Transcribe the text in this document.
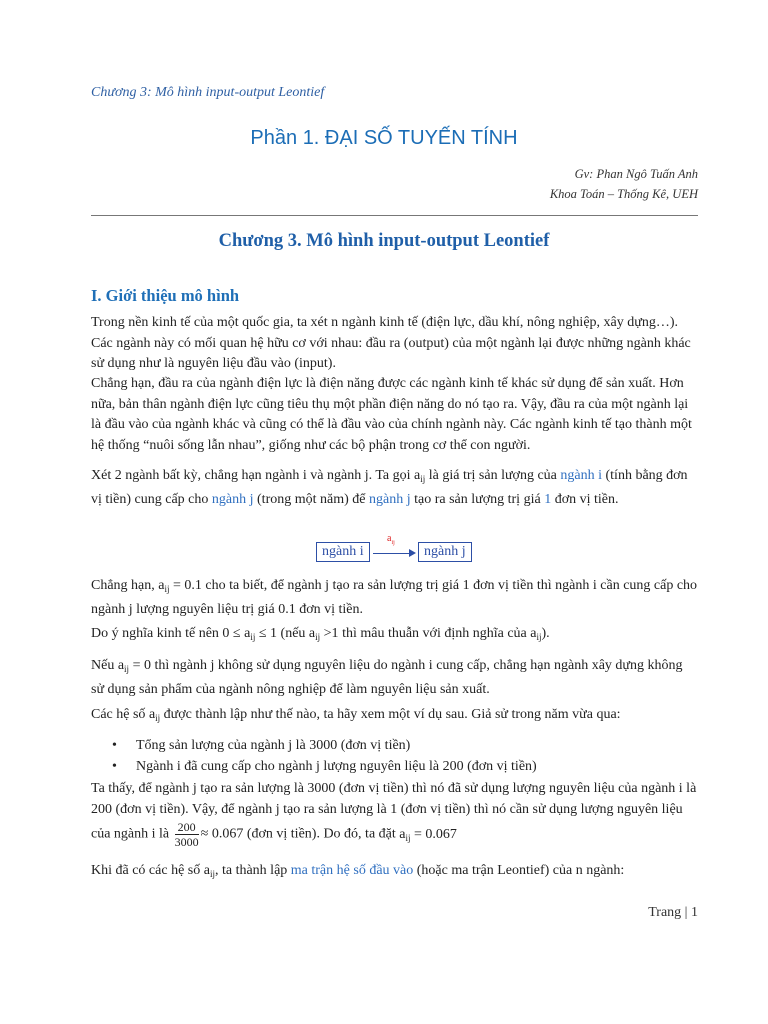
Chương 3: Mô hình input-output Leontief
Phần 1. ĐẠI SỐ TUYẾN TÍNH
Gv: Phan Ngô Tuấn Anh
Khoa Toán – Thống Kê, UEH
Chương 3. Mô hình input-output Leontief
I. Giới thiệu mô hình
Trong nền kinh tế của một quốc gia, ta xét n ngành kinh tế (điện lực, dầu khí, nông nghiệp, xây dựng…). Các ngành này có mối quan hệ hữu cơ với nhau: đầu ra (output) của một ngành lại được những ngành khác sử dụng như là nguyên liệu đầu vào (input).
Chẳng hạn, đầu ra của ngành điện lực là điện năng được các ngành kinh tế khác sử dụng để sản xuất. Hơn nữa, bản thân ngành điện lực cũng tiêu thụ một phần điện năng do nó tạo ra. Vậy, đầu ra của một ngành lại là đầu vào của ngành khác và cũng có thể là đầu vào của chính ngành này. Các ngành kinh tế tạo thành một hệ thống “nuôi sống lẫn nhau”, giống như các bộ phận trong cơ thể con người.
Xét 2 ngành bất kỳ, chẳng hạn ngành i và ngành j. Ta gọi $a_{ij}$ là giá trị sản lượng của ngành i (tính bằng đơn vị tiền) cung cấp cho ngành j (trong một năm) để ngành j tạo ra sản lượng trị giá 1 đơn vị tiền.
ngành i
$a_{ij}$
ngành j
Chẳng hạn, $a_{ij} = 0.1$ cho ta biết, để ngành j tạo ra sản lượng trị giá 1 đơn vị tiền thì ngành i cần cung cấp cho ngành j lượng nguyên liệu trị giá 0.1 đơn vị tiền.
Do ý nghĩa kinh tế nên $0 \le a_{ij} \le 1$ (nếu $a_{ij} >1$ thì mâu thuẫn với định nghĩa của $a_{ij}$).
Nếu $a_{ij} = 0$ thì ngành j không sử dụng nguyên liệu do ngành i cung cấp, chẳng hạn ngành xây dựng không sử dụng sản phẩm của ngành nông nghiệp để làm nguyên liệu sản xuất.
Các hệ số $a_{ij}$ được thành lập như thế nào, ta hãy xem một ví dụ sau. Giả sử trong năm vừa qua:
• Tổng sản lượng của ngành j là 3000 (đơn vị tiền)
• Ngành i đã cung cấp cho ngành j lượng nguyên liệu là 200 (đơn vị tiền)
Ta thấy, để ngành j tạo ra sản lượng là 3000 (đơn vị tiền) thì nó đã sử dụng lượng nguyên liệu của ngành i là 200 (đơn vị tiền). Vậy, để ngành j tạo ra sản lượng là 1 (đơn vị tiền) thì nó cần sử dụng lượng nguyên liệu của ngành i là $\frac{200}{3000} \approx 0.067$ (đơn vị tiền). Do đó, ta đặt $a_{ij} = 0.067$
Khi đã có các hệ số $a_{ij}$, ta thành lập ma trận hệ số đầu vào (hoặc ma trận Leontief) của n ngành:
Trang | 1
